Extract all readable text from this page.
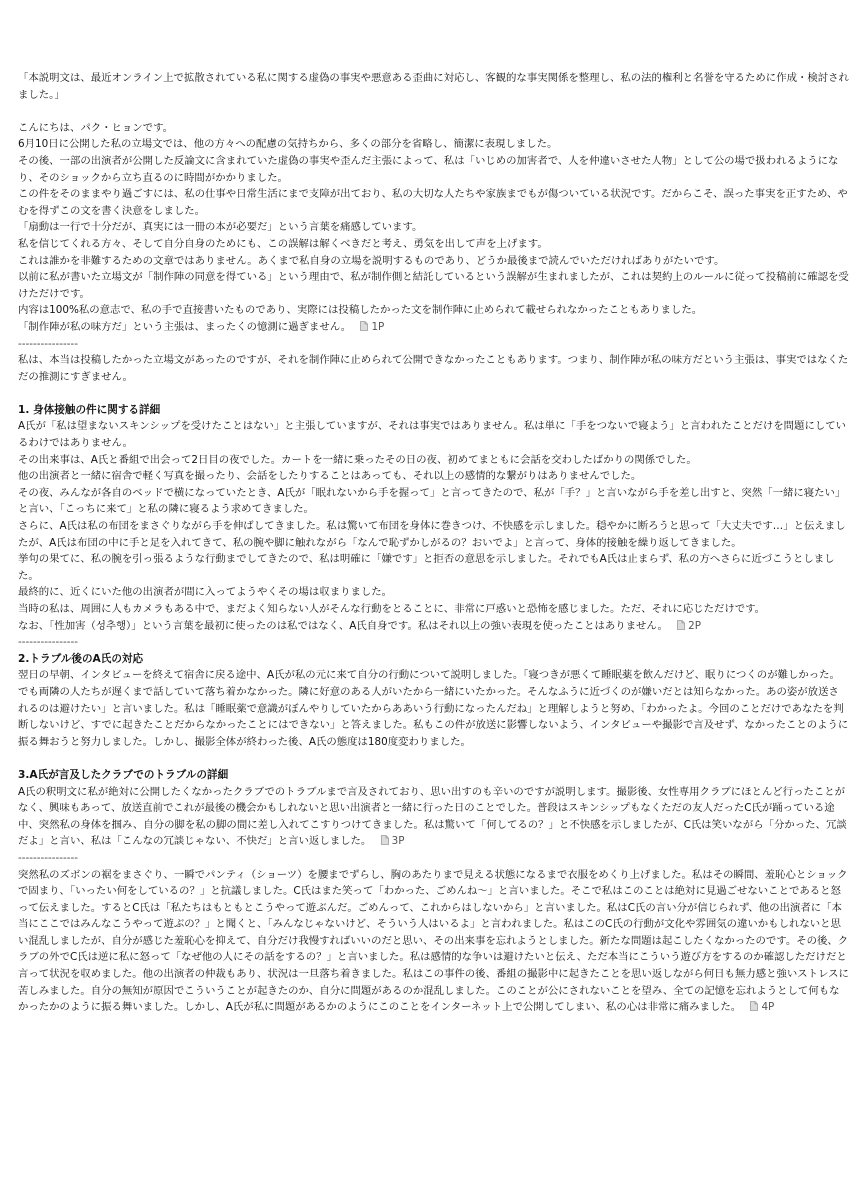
「本説明文は、最近オンライン上で拡散されている私に関する虚偽の事実や悪意ある歪曲に対応し、客観的な事実関係を整理し、私の法的権利と名誉を守るために作成・検討されました。」

こんにちは、パク・ヒョンです。

6月10日に公開した私の立場文では、他の方々への配慮の気持ちから、多くの部分を省略し、簡潔に表現しました。

その後、一部の出演者が公開した反論文に含まれていた虚偽の事実や歪んだ主張によって、私は「いじめの加害者で、人を仲違いさせた人物」として公の場で扱われるようになり、そのショックから立ち直るのに時間がかかりました。

この件をそのままやり過ごすには、私の仕事や日常生活にまで支障が出ており、私の大切な人たちや家族までもが傷ついている状況です。だからこそ、誤った事実を正すため、やむを得ずこの文を書く決意をしました。

「扇動は一行で十分だが、真実には一冊の本が必要だ」という言葉を痛感しています。

私を信じてくれる方々、そして自分自身のためにも、この誤解は解くべきだと考え、勇気を出して声を上げます。

これは誰かを非難するための文章ではありません。あくまで私自身の立場を説明するものであり、どうか最後まで読んでいただければありがたいです。

以前に私が書いた立場文が「制作陣の同意を得ている」という理由で、私が制作側と結託しているという誤解が生まれましたが、これは契約上のルールに従って投稿前に確認を受けただけです。

内容は100%私の意志で、私の手で直接書いたものであり、実際には投稿したかった文を制作陣に止められて載せられなかったこともありました。

「制作陣が私の味方だ」という主張は、まったくの憶測に過ぎません。 1P

----------------

私は、本当は投稿したかった立場文があったのですが、それを制作陣に止められて公開できなかったこともあります。つまり、制作陣が私の味方だという主張は、事実ではなくただの推測にすぎません。

1. 身体接触の件に関する詳細

A氏が「私は望まないスキンシップを受けたことはない」と主張していますが、それは事実ではありません。私は単に「手をつないで寝よう」と言われたことだけを問題にしているわけではありません。

その出来事は、A氏と番組で出会って2日目の夜でした。カートを一緒に乗ったその日の夜、初めてまともに会話を交わしたばかりの関係でした。

他の出演者と一緒に宿舎で軽く写真を撮ったり、会話をしたりすることはあっても、それ以上の感情的な繋がりはありませんでした。

その夜、みんなが各自のベッドで横になっていたとき、A氏が「眠れないから手を握って」と言ってきたので、私が「手？」と言いながら手を差し出すと、突然「一緒に寝たい」と言い、「こっちに来て」と私の隣に寝るよう求めてきました。

さらに、A氏は私の布団をまさぐりながら手を伸ばしてきました。私は驚いて布団を身体に巻きつけ、不快感を示しました。穏やかに断ろうと思って「大丈夫です…」と伝えましたが、A氏は布団の中に手と足を入れてきて、私の腕や脚に触れながら「なんで恥ずかしがるの？おいでよ」と言って、身体的接触を繰り返してきました。

挙句の果てに、私の腕を引っ張るような行動までしてきたので、私は明確に「嫌です」と拒否の意思を示しました。それでもA氏は止まらず、私の方へさらに近づこうとしました。

最終的に、近くにいた他の出演者が間に入ってようやくその場は収まりました。

当時の私は、周囲に人もカメラもある中で、まだよく知らない人がそんな行動をとることに、非常に戸惑いと恐怖を感じました。ただ、それに応じただけです。

なお、「性加害（성추행）」という言葉を最初に使ったのは私ではなく、A氏自身です。私はそれ以上の強い表現を使ったことはありません。 2P

----------------

2.トラブル後のA氏の対応

翌日の早朝、インタビューを終えて宿舎に戻る途中、A氏が私の元に来て自分の行動について説明しました。「寝つきが悪くて睡眠薬を飲んだけど、眠りにつくのが難しかった。でも両隣の人たちが遅くまで話していて落ち着かなかった。隣に好意のある人がいたから一緒にいたかった。そんなふうに近づくのが嫌いだとは知らなかった。あの姿が放送されるのは避けたい」と言いました。私は「睡眠薬で意識がぼんやりしていたからああいう行動になったんだね」と理解しようと努め、「わかったよ。今回のことだけであなたを判断しないけど、すでに起きたことだからなかったことにはできない」と答えました。私もこの件が放送に影響しないよう、インタビューや撮影で言及せず、なかったことのように振る舞おうと努力しました。しかし、撮影全体が終わった後、A氏の態度は180度変わりました。

3.A氏が言及したクラブでのトラブルの詳細

A氏の釈明文に私が絶対に公開したくなかったクラブでのトラブルまで言及されており、思い出すのも辛いのですが説明します。撮影後、女性専用クラブにほとんど行ったことがなく、興味もあって、放送直前でこれが最後の機会かもしれないと思い出演者と一緒に行った日のことでした。普段はスキンシップもなくただの友人だったC氏が踊っている途中、突然私の身体を掴み、自分の脚を私の脚の間に差し入れてこすりつけてきました。私は驚いて「何してるの？」と不快感を示しましたが、C氏は笑いながら「分かった、冗談だよ」と言い、私は「こんなの冗談じゃない、不快だ」と言い返しました。 3P

----------------

突然私のズボンの裾をまさぐり、一瞬でパンティ（ショーツ）を腰までずらし、胸のあたりまで見える状態になるまで衣服をめくり上げました。私はその瞬間、羞恥心とショックで固まり、「いったい何をしているの？」と抗議しました。C氏はまた笑って「わかった、ごめんね〜」と言いました。そこで私はこのことは絶対に見過ごせないことであると怒って伝えました。するとC氏は「私たちはもともとこうやって遊ぶんだ。ごめんって、これからはしないから」と言いました。私はC氏の言い分が信じられず、他の出演者に「本当にここではみんなこうやって遊ぶの？」と聞くと、「みんなじゃないけど、そういう人はいるよ」と言われました。私はこのC氏の行動が文化や雰囲気の違いかもしれないと思い混乱しましたが、自分が感じた羞恥心を抑えて、自分だけ我慢すればいいのだと思い、その出来事を忘れようとしました。新たな問題は起こしたくなかったのです。その後、クラブの外でC氏は逆に私に怒って「なぜ他の人にその話をするの？」と言いました。私は感情的な争いは避けたいと伝え、ただ本当にこういう遊び方をするのか確認しただけだと言って状況を収めました。他の出演者の仲裁もあり、状況は一旦落ち着きました。私はこの事件の後、番組の撮影中に起きたことを思い返しながら何日も無力感と強いストレスに苦しみました。自分の無知が原因でこういうことが起きたのか、自分に問題があるのか混乱しました。このことが公にされないことを望み、全ての記憶を忘れようとして何もなかったかのように振る舞いました。しかし、A氏が私に問題があるかのようにこのことをインターネット上で公開してしまい、私の心は非常に痛みました。 4P
